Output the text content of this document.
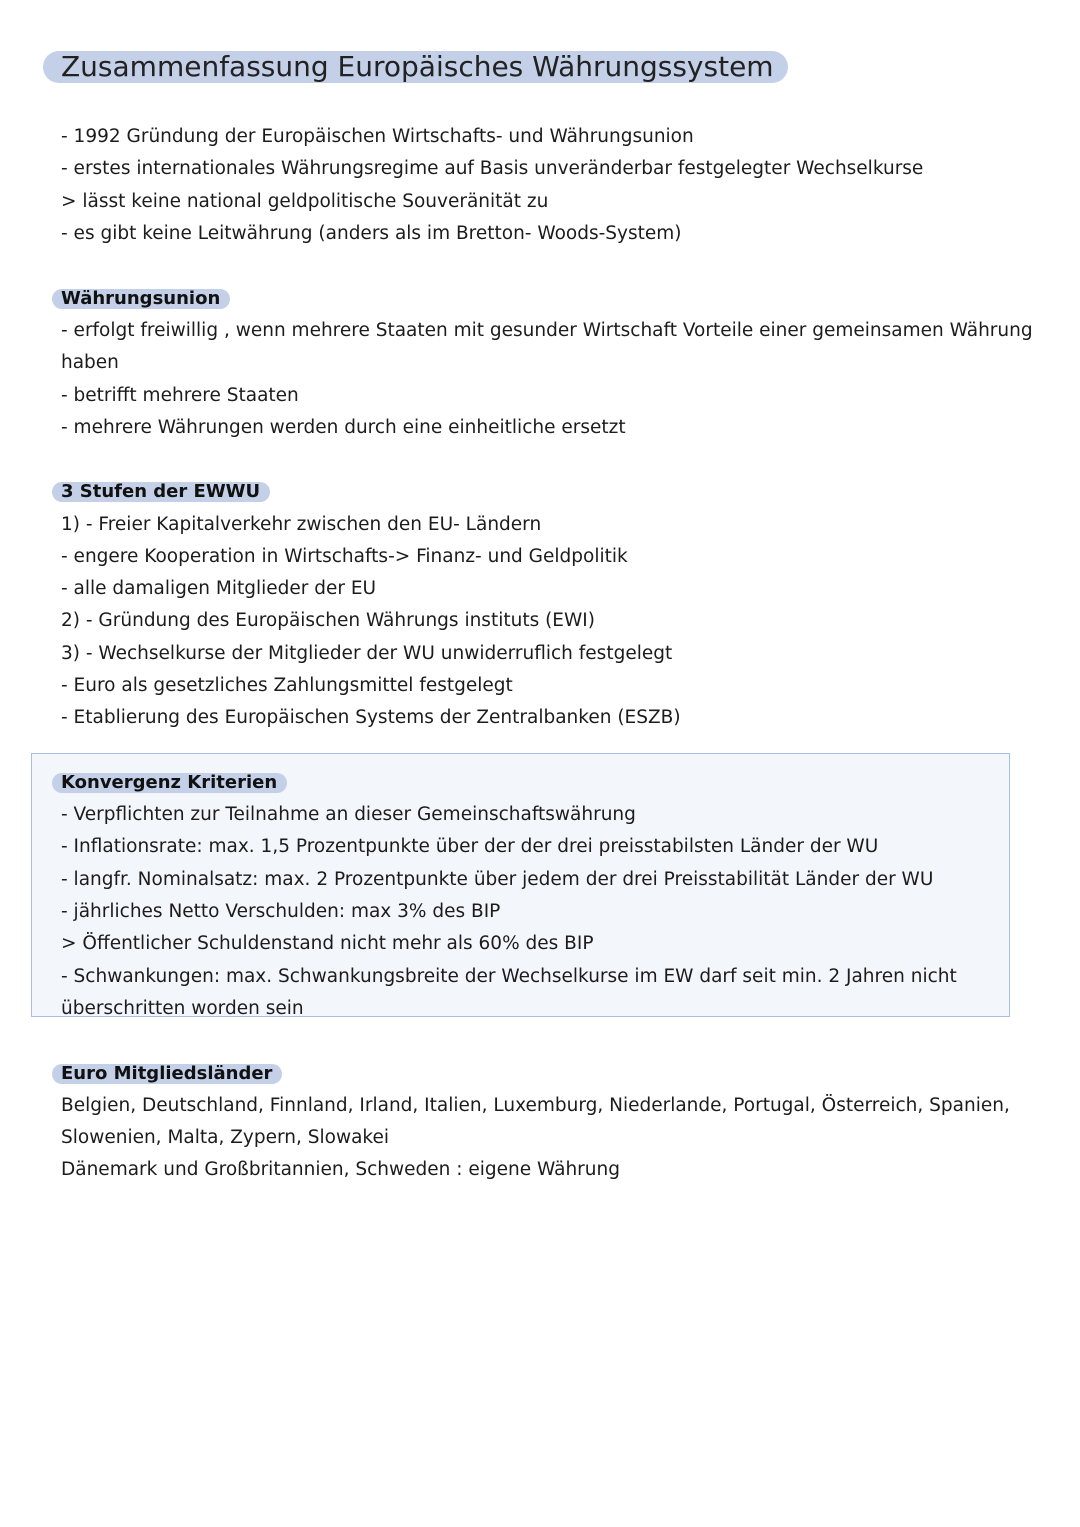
Zusammenfassung Europäisches Währungssystem
- 1992 Gründung der Europäischen Wirtschafts- und Währungsunion
- erstes internationales Währungsregime auf Basis unveränderbar festgelegter Wechselkurse
> lässt keine national geldpolitische Souveränität zu
- es gibt keine Leitwährung (anders als im Bretton- Woods-System)
Währungsunion
- erfolgt freiwillig , wenn mehrere Staaten mit gesunder Wirtschaft Vorteile einer gemeinsamen Währung
haben
- betrifft mehrere Staaten
- mehrere Währungen werden durch eine einheitliche ersetzt
3 Stufen der EWWU
1) - Freier Kapitalverkehr zwischen den EU- Ländern
- engere Kooperation in Wirtschafts-> Finanz- und Geldpolitik
- alle damaligen Mitglieder der EU
2) - Gründung des Europäischen Währungs instituts (EWI)
3) - Wechselkurse der Mitglieder der WU unwiderruflich festgelegt
- Euro als gesetzliches Zahlungsmittel festgelegt
- Etablierung des Europäischen Systems der Zentralbanken (ESZB)
Konvergenz Kriterien
- Verpflichten zur Teilnahme an dieser Gemeinschaftswährung
- Inflationsrate: max. 1,5 Prozentpunkte über der der drei preisstabilsten Länder der WU
- langfr. Nominalsatz: max. 2 Prozentpunkte über jedem der drei Preisstabilität Länder der WU
- jährliches Netto Verschulden: max 3% des BIP
> Öffentlicher Schuldenstand nicht mehr als 60% des BIP
- Schwankungen: max. Schwankungsbreite der Wechselkurse im EW darf seit min. 2 Jahren nicht
überschritten worden sein
Euro Mitgliedsländer
Belgien, Deutschland, Finnland, Irland, Italien, Luxemburg, Niederlande, Portugal, Österreich, Spanien,
Slowenien, Malta, Zypern, Slowakei
Dänemark und Großbritannien, Schweden : eigene Währung
